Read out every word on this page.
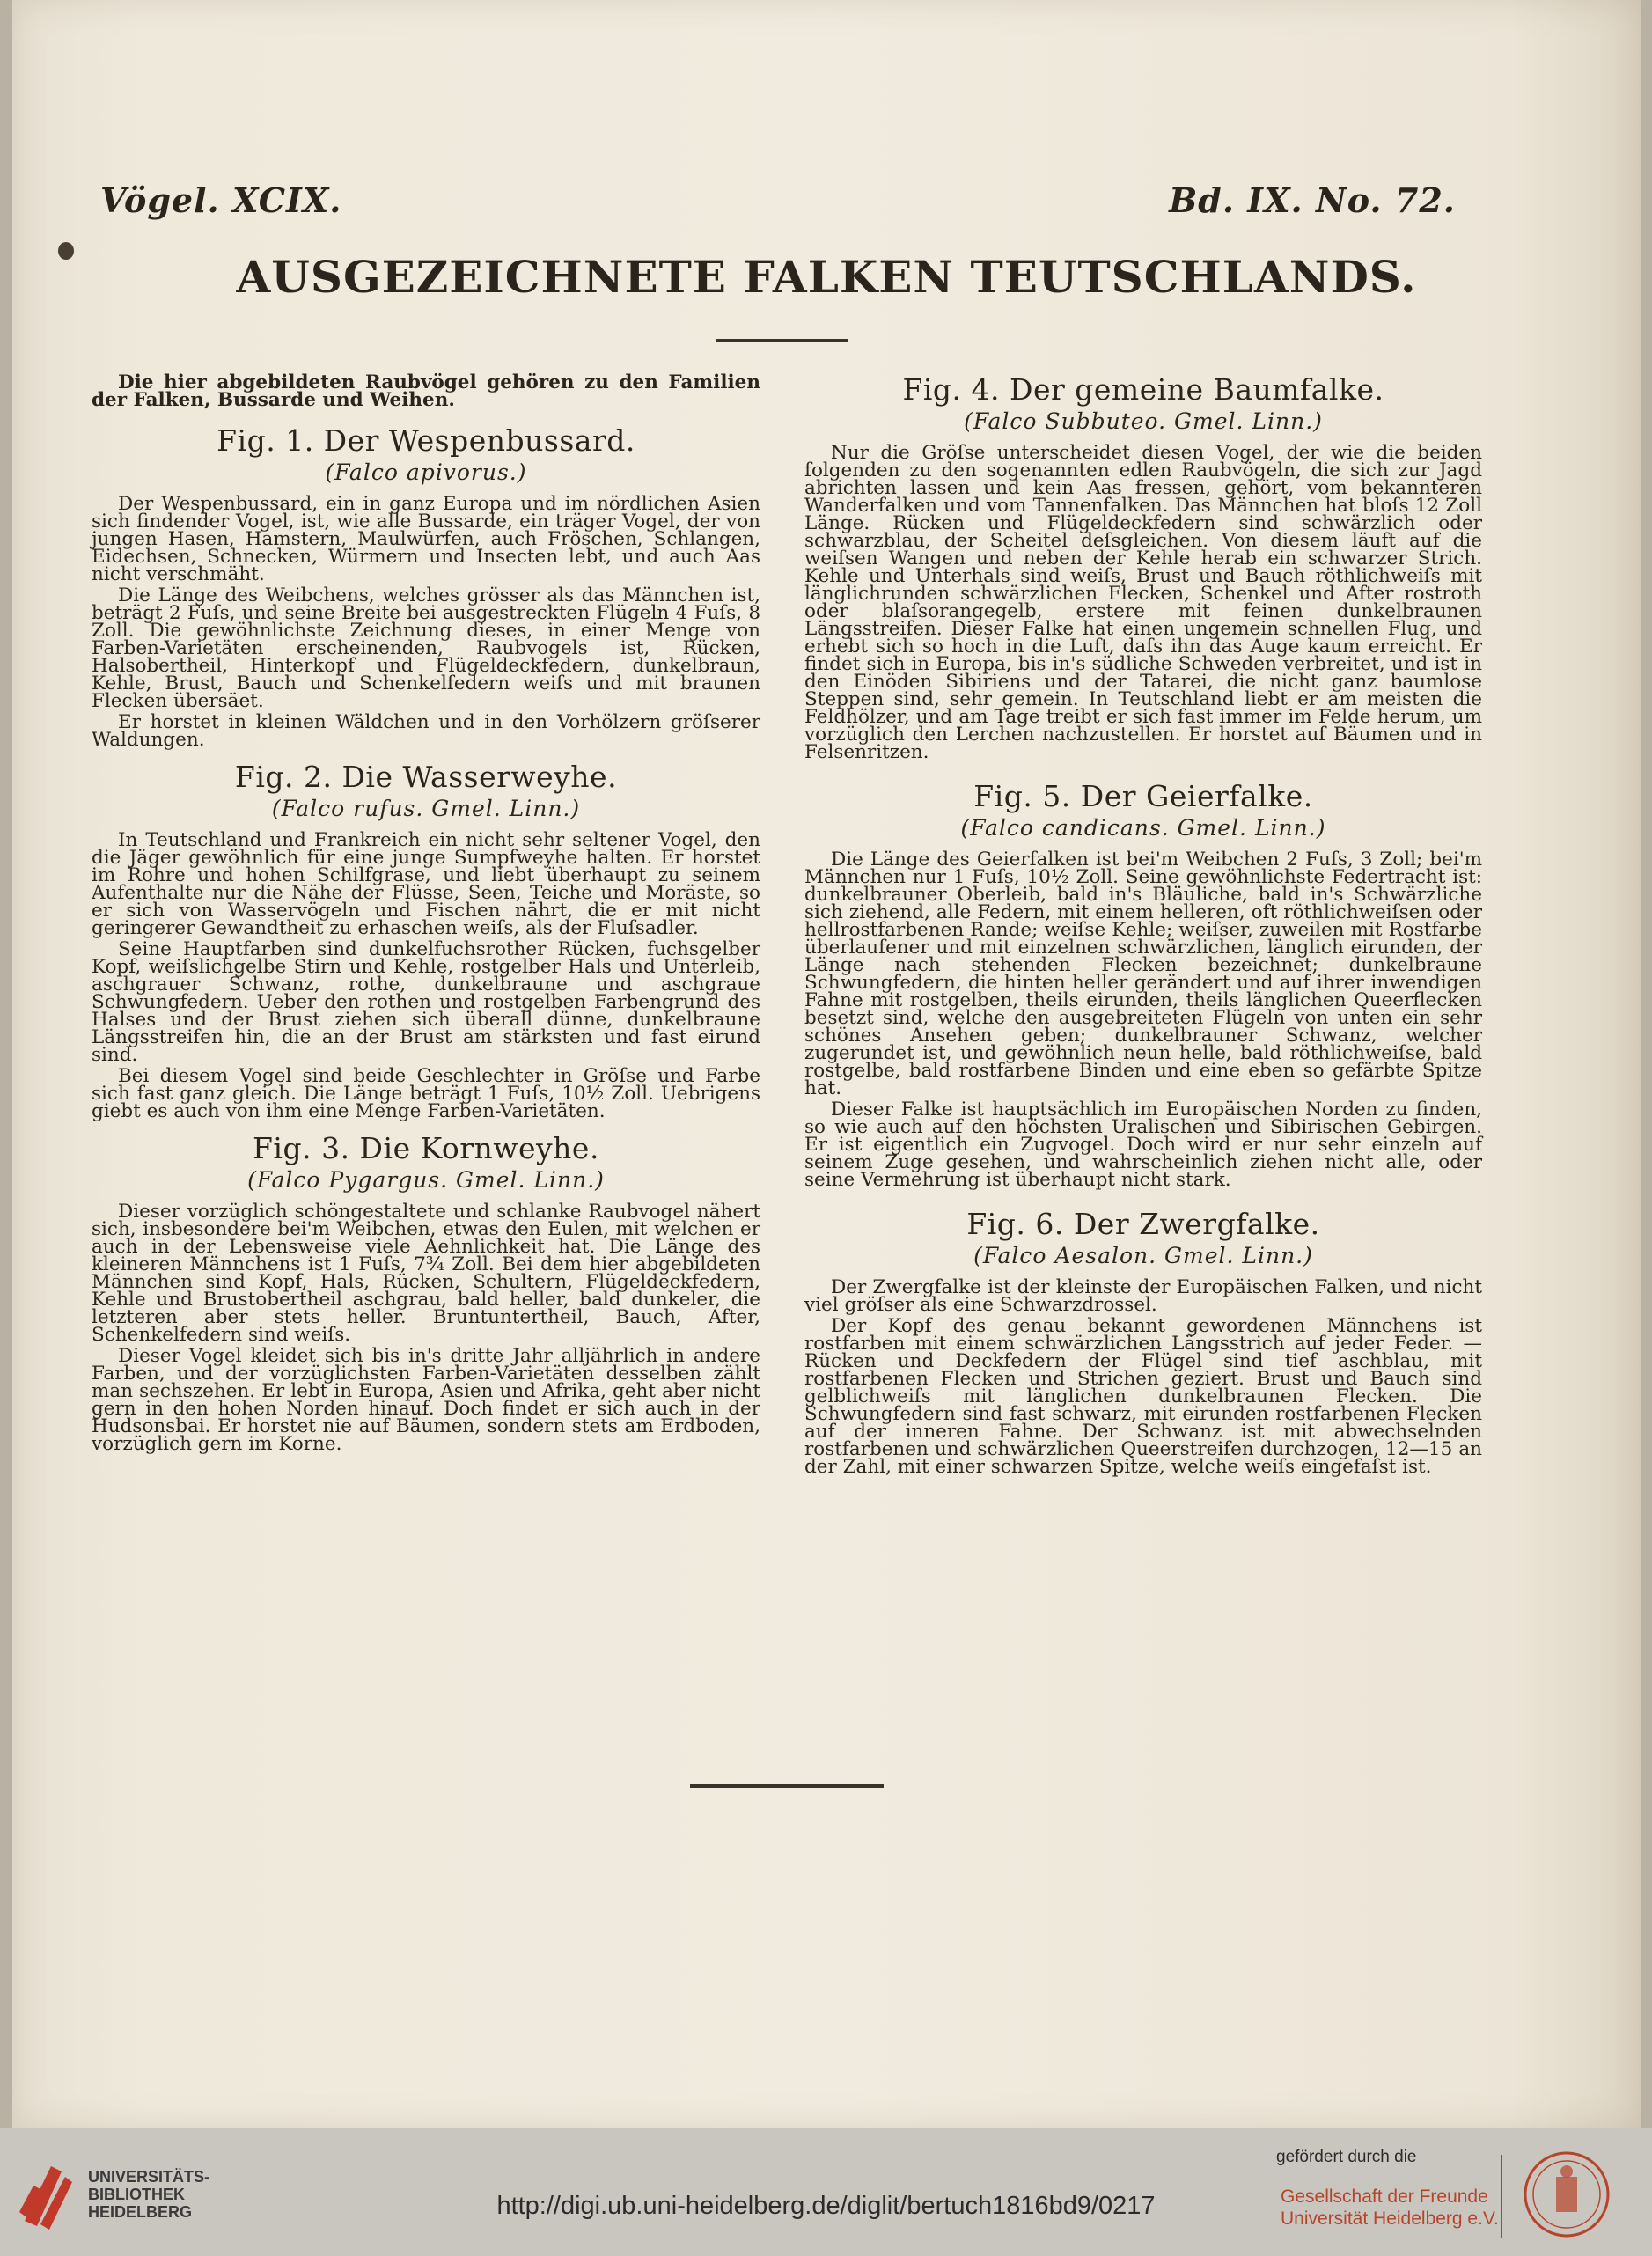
Vögel. XCIX.	Bd. IX. No. 72.
AUSGEZEICHNETE FALKEN TEUTSCHLANDS.

Die hier abgebildeten Raubvögel gehören zu den Familien der Falken, Bussarde und Weihen.

Fig. 1. Der Wespenbussard.
(Falco apivorus.)

Der Wespenbussard, ein in ganz Europa und im nördlichen Asien sich findender Vogel, ist, wie alle Bussarde, ein träger Vogel, der von jungen Hasen, Hamstern, Maulwürfen, auch Fröschen, Schlangen, Eidechsen, Schnecken, Würmern und Insecten lebt, und auch Aas nicht verschmäht.

Die Länge des Weibchens, welches grösser als das Männchen ist, beträgt 2 Fuſs, und seine Breite bei ausgestreckten Flügeln 4 Fuſs, 8 Zoll. Die gewöhnlichste Zeichnung dieses, in einer Menge von Farben-Varietäten erscheinenden, Raubvogels ist, Rücken, Halsobertheil, Hinterkopf und Flügeldeckfedern, dunkelbraun, Kehle, Brust, Bauch und Schenkelfedern weiſs und mit braunen Flecken übersäet.

Er horstet in kleinen Wäldchen und in den Vorhölzern gröſserer Waldungen.

Fig. 2. Die Wasserweyhe.
(Falco rufus. Gmel. Linn.)

In Teutschland und Frankreich ein nicht sehr seltener Vogel, den die Jäger gewöhnlich für eine junge Sumpfweyhe halten. Er horstet im Rohre und hohen Schilfgrase, und liebt überhaupt zu seinem Aufenthalte nur die Nähe der Flüsse, Seen, Teiche und Moräste, so er sich von Wasservögeln und Fischen nährt, die er mit nicht geringerer Gewandtheit zu erhaschen weiſs, als der Fluſsadler.

Seine Hauptfarben sind dunkelfuchsrother Rücken, fuchsgelber Kopf, weiſslichgelbe Stirn und Kehle, rostgelber Hals und Unterleib, aschgrauer Schwanz, rothe, dunkelbraune und aschgraue Schwungfedern. Ueber den rothen und rostgelben Farbengrund des Halses und der Brust ziehen sich überall dünne, dunkelbraune Längsstreifen hin, die an der Brust am stärksten und fast eirund sind.

Bei diesem Vogel sind beide Geschlechter in Gröſse und Farbe sich fast ganz gleich. Die Länge beträgt 1 Fuſs, 10½ Zoll. Uebrigens giebt es auch von ihm eine Menge Farben-Varietäten.

Fig. 3. Die Kornweyhe.
(Falco Pygargus. Gmel. Linn.)

Dieser vorzüglich schöngestaltete und schlanke Raubvogel nähert sich, insbesondere bei'm Weibchen, etwas den Eulen, mit welchen er auch in der Lebensweise viele Aehnlichkeit hat. Die Länge des kleineren Männchens ist 1 Fuſs, 7¾ Zoll. Bei dem hier abgebildeten Männchen sind Kopf, Hals, Rücken, Schultern, Flügeldeckfedern, Kehle und Brustobertheil aschgrau, bald heller, bald dunkeler, die letzteren aber stets heller. Bruntuntertheil, Bauch, After, Schenkelfedern sind weiſs.

Dieser Vogel kleidet sich bis in's dritte Jahr alljährlich in andere Farben, und der vorzüglichsten Farben-Varietäten desselben zählt man sechszehen. Er lebt in Europa, Asien und Afrika, geht aber nicht gern in den hohen Norden hinauf. Doch findet er sich auch in der Hudsonsbai. Er horstet nie auf Bäumen, sondern stets am Erdboden, vorzüglich gern im Korne.

Fig. 4. Der gemeine Baumfalke.
(Falco Subbuteo. Gmel. Linn.)

Nur die Gröſse unterscheidet diesen Vogel, der wie die beiden folgenden zu den sogenannten edlen Raubvögeln, die sich zur Jagd abrichten lassen und kein Aas fressen, gehört, vom bekannteren Wanderfalken und vom Tannenfalken. Das Männchen hat bloſs 12 Zoll Länge. Rücken und Flügeldeckfedern sind schwärzlich oder schwarzblau, der Scheitel deſsgleichen. Von diesem läuft auf die weiſsen Wangen und neben der Kehle herab ein schwarzer Strich. Kehle und Unterhals sind weiſs, Brust und Bauch röthlichweiſs mit länglichrunden schwärzlichen Flecken, Schenkel und After rostroth oder blaſsorangegelb, erstere mit feinen dunkelbraunen Längsstreifen. Dieser Falke hat einen ungemein schnellen Flug, und erhebt sich so hoch in die Luft, daſs ihn das Auge kaum erreicht. Er findet sich in Europa, bis in's südliche Schweden verbreitet, und ist in den Einöden Sibiriens und der Tatarei, die nicht ganz baumlose Steppen sind, sehr gemein. In Teutschland liebt er am meisten die Feldhölzer, und am Tage treibt er sich fast immer im Felde herum, um vorzüglich den Lerchen nachzustellen. Er horstet auf Bäumen und in Felsenritzen.

Fig. 5. Der Geierfalke.
(Falco candicans. Gmel. Linn.)

Die Länge des Geierfalken ist bei'm Weibchen 2 Fuſs, 3 Zoll; bei'm Männchen nur 1 Fuſs, 10½ Zoll. Seine gewöhnlichste Federtracht ist: dunkelbrauner Oberleib, bald in's Bläuliche, bald in's Schwärzliche sich ziehend, alle Federn, mit einem helleren, oft röthlichweiſsen oder hellrostfarbenen Rande; weiſse Kehle; weiſser, zuweilen mit Rostfarbe überlaufener und mit einzelnen schwärzlichen, länglich eirunden, der Länge nach stehenden Flecken bezeichnet; dunkelbraune Schwungfedern, die hinten heller gerändert und auf ihrer inwendigen Fahne mit rostgelben, theils eirunden, theils länglichen Queerflecken besetzt sind, welche den ausgebreiteten Flügeln von unten ein sehr schönes Ansehen geben; dunkelbrauner Schwanz, welcher zugerundet ist, und gewöhnlich neun helle, bald röthlichweiſse, bald rostgelbe, bald rostfarbene Binden und eine eben so gefärbte Spitze hat.

Dieser Falke ist hauptsächlich im Europäischen Norden zu finden, so wie auch auf den höchsten Uralischen und Sibirischen Gebirgen. Er ist eigentlich ein Zugvogel. Doch wird er nur sehr einzeln auf seinem Zuge gesehen, und wahrscheinlich ziehen nicht alle, oder seine Vermehrung ist überhaupt nicht stark.

Fig. 6. Der Zwergfalke.
(Falco Aesalon. Gmel. Linn.)

Der Zwergfalke ist der kleinste der Europäischen Falken, und nicht viel gröſser als eine Schwarzdrossel.

Der Kopf des genau bekannt gewordenen Männchens ist rostfarben mit einem schwärzlichen Längsstrich auf jeder Feder. — Rücken und Deckfedern der Flügel sind tief aschblau, mit rostfarbenen Flecken und Strichen geziert. Brust und Bauch sind gelblichweiſs mit länglichen dunkelbraunen Flecken. Die Schwungfedern sind fast schwarz, mit eirunden rostfarbenen Flecken auf der inneren Fahne. Der Schwanz ist mit abwechselnden rostfarbenen und schwärzlichen Queerstreifen durchzogen, 12—15 an der Zahl, mit einer schwarzen Spitze, welche weiſs eingefaſst ist.

UNIVERSITÄTS-
BIBLIOTHEK
HEIDELBERG	http://digi.ub.uni-heidelberg.de/diglit/bertuch1816bd9/0217
gefördert durch die
Gesellschaft der Freunde
Universität Heidelberg e.V.
